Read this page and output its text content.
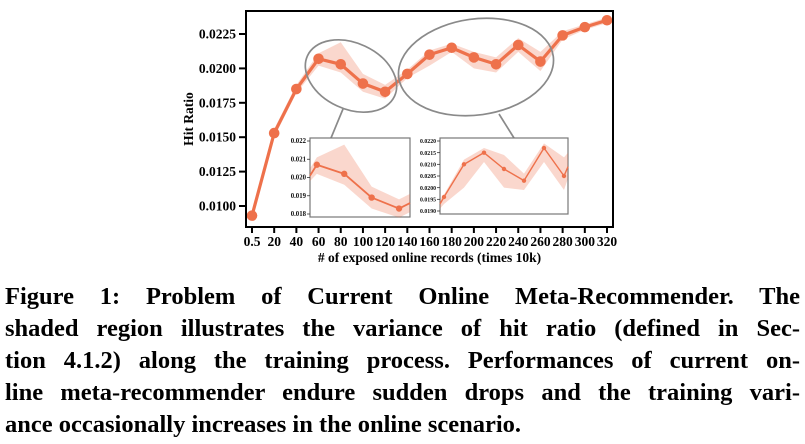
0.0225
0.0200
0.0175
0.0150
0.0125
0.0100
0.5 20 40 60 80 100 120 140 160 180 200 220 240 260 280 300 320
# of exposed online records (times 10k)
Hit Ratio	0.022
0.021
0.020
0.019
0.018
0.0220
0.0215
0.0210
0.0205
0.0200
0.0195
0.0190
Figure 1: Problem of Current Online Meta-Recommender. The
shaded region illustrates the variance of hit ratio (defined in Sec-
tion 4.1.2) along the training process. Performances of current on-
line meta-recommender endure sudden drops and the training vari-
ance occasionally increases in the online scenario.
